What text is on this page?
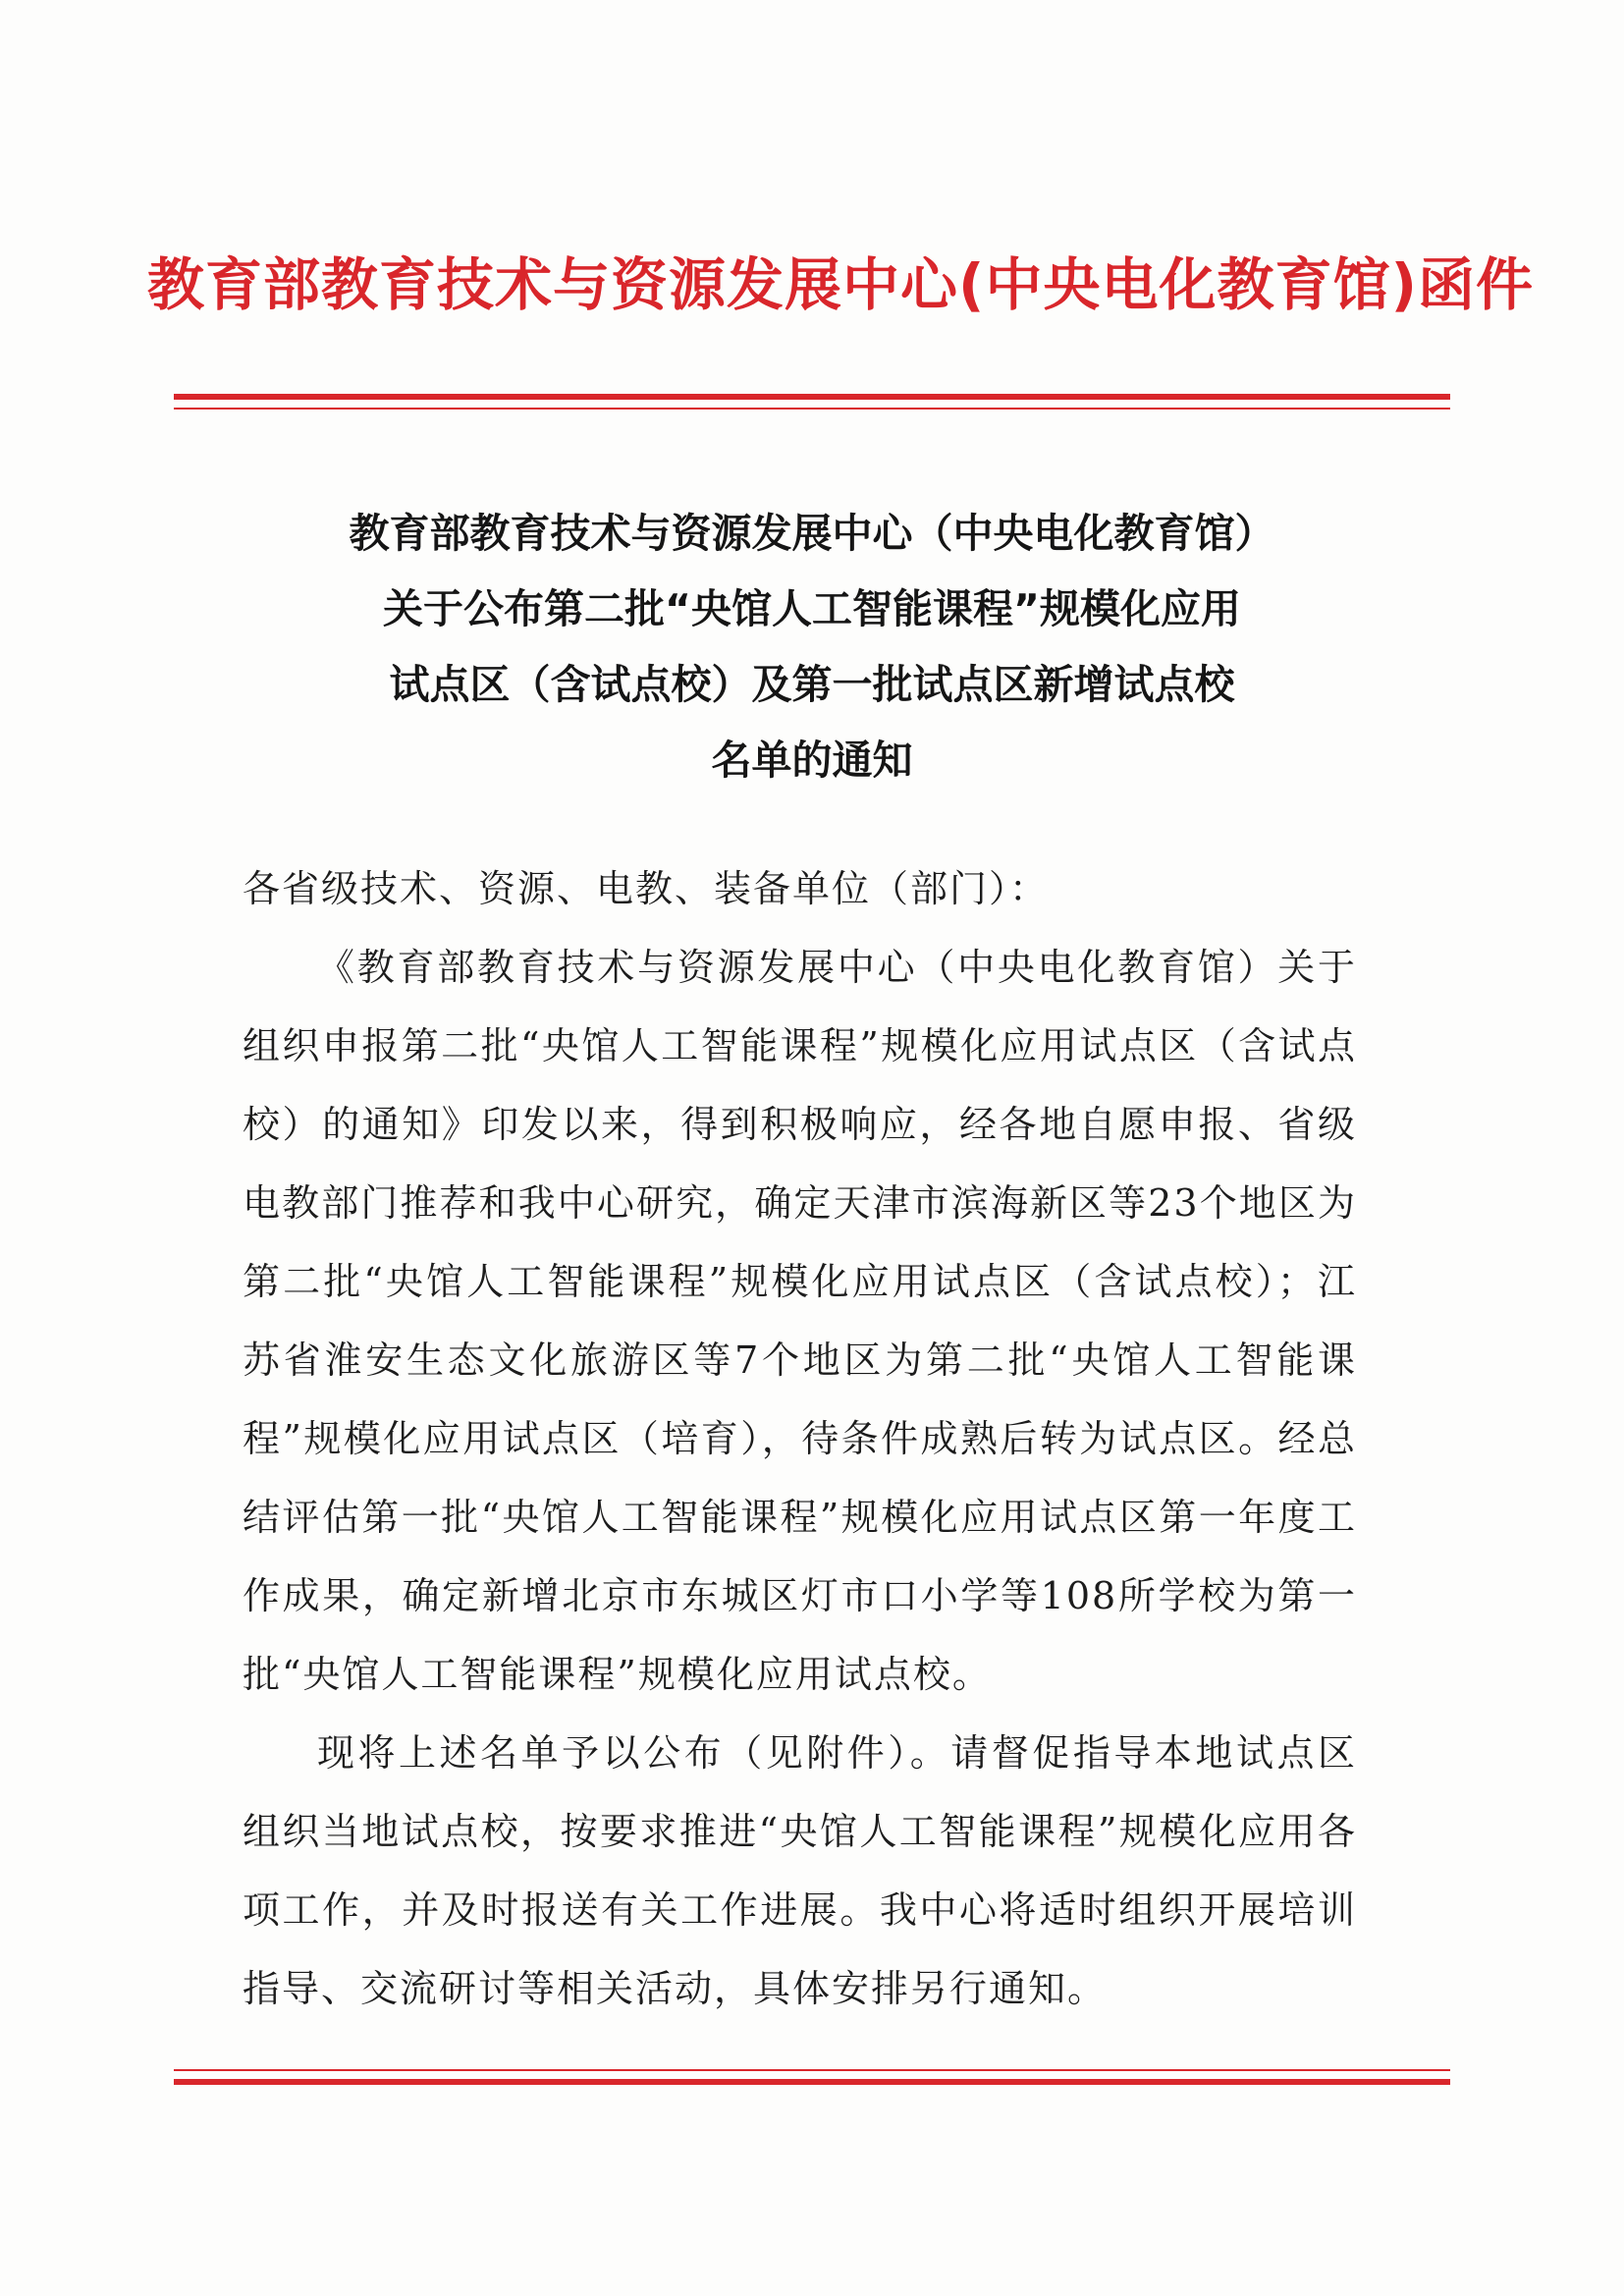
教育部教育技术与资源发展中心(中央电化教育馆)函件
教育部教育技术与资源发展中心（中央电化教育馆）
关于公布第二批“央馆人工智能课程”规模化应用
试点区（含试点校）及第一批试点区新增试点校
名单的通知
各省级技术、资源、电教、装备单位（部门）：

《教育部教育技术与资源发展中心（中央电化教育馆）关于组织申报第二批“央馆人工智能课程”规模化应用试点区（含试点校）的通知》印发以来，得到积极响应，经各地自愿申报、省级电教部门推荐和我中心研究，确定天津市滨海新区等23个地区为第二批“央馆人工智能课程”规模化应用试点区（含试点校）；江苏省淮安生态文化旅游区等7个地区为第二批“央馆人工智能课程”规模化应用试点区（培育），待条件成熟后转为试点区。经总结评估第一批“央馆人工智能课程”规模化应用试点区第一年度工作成果，确定新增北京市东城区灯市口小学等108所学校为第一批“央馆人工智能课程”规模化应用试点校。

现将上述名单予以公布（见附件）。请督促指导本地试点区组织当地试点校，按要求推进“央馆人工智能课程”规模化应用各项工作，并及时报送有关工作进展。我中心将适时组织开展培训指导、交流研讨等相关活动，具体安排另行通知。
